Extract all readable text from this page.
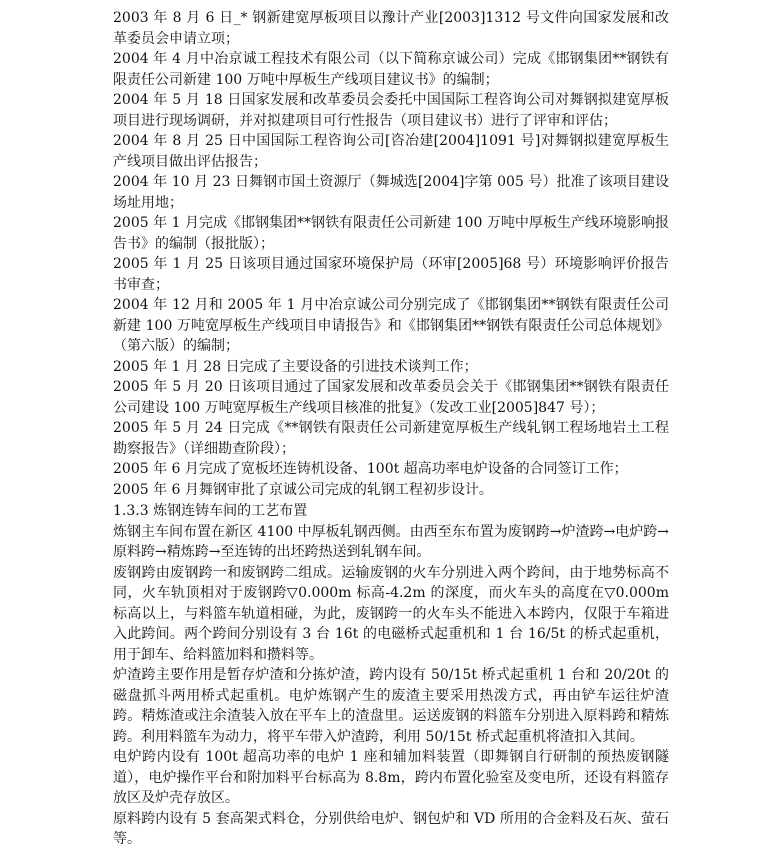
2003 年 8 月 6 日_* 钢新建宽厚板项目以豫计产业[2003]1312 号文件向国家发展和改革委员会申请立项；

2004 年 4 月中冶京诚工程技术有限公司（以下简称京诚公司）完成《邯钢集团**钢铁有限责任公司新建 100 万吨中厚板生产线项目建议书》的编制；

2004 年 5 月 18 日国家发展和改革委员会委托中国国际工程咨询公司对舞钢拟建宽厚板项目进行现场调研，并对拟建项目可行性报告（项目建议书）进行了评审和评估；

2004 年 8 月 25 日中国国际工程咨询公司[咨冶建[2004]1091 号]对舞钢拟建宽厚板生产线项目做出评估报告；

2004 年 10 月 23 日舞钢市国土资源厅（舞城选[2004]字第 005 号）批准了该项目建设场址用地；

2005 年 1 月完成《邯钢集团**钢铁有限责任公司新建 100 万吨中厚板生产线环境影响报告书》的编制（报批版）；

2005 年 1 月 25 日该项目通过国家环境保护局（环审[2005]68 号）环境影响评价报告书审查；

2004 年 12 月和 2005 年 1 月中冶京诚公司分别完成了《邯钢集团**钢铁有限责任公司新建 100 万吨宽厚板生产线项目申请报告》和《邯钢集团**钢铁有限责任公司总体规划》（第六版）的编制；

2005 年 1 月 28 日完成了主要设备的引进技术谈判工作；

2005 年 5 月 20 日该项目通过了国家发展和改革委员会关于《邯钢集团**钢铁有限责任公司建设 100 万吨宽厚板生产线项目核准的批复》（发改工业[2005]847 号）；

2005 年 5 月 24 日完成《**钢铁有限责任公司新建宽厚板生产线轧钢工程场地岩土工程勘察报告》（详细勘查阶段）；

2005 年 6 月完成了宽板坯连铸机设备、100t 超高功率电炉设备的合同签订工作；

2005 年 6 月舞钢审批了京诚公司完成的轧钢工程初步设计。

1.3.3 炼钢连铸车间的工艺布置

炼钢主车间布置在新区 4100 中厚板轧钢西侧。由西至东布置为废钢跨→炉渣跨→电炉跨→原料跨→精炼跨→至连铸的出坯跨热送到轧钢车间。

废钢跨由废钢跨一和废钢跨二组成。运输废钢的火车分别进入两个跨间，由于地势标高不同，火车轨顶相对于废钢跨▽0.000m 标高-4.2m 的深度，而火车头的高度在▽0.000m 标高以上，与料篮车轨道相碰，为此，废钢跨一的火车头不能进入本跨内，仅限于车箱进入此跨间。两个跨间分别设有 3 台 16t 的电磁桥式起重机和 1 台 16/5t 的桥式起重机，用于卸车、给料篮加料和攒料等。

炉渣跨主要作用是暂存炉渣和分拣炉渣，跨内设有 50/15t 桥式起重机 1 台和 20/20t 的磁盘抓斗两用桥式起重机。电炉炼钢产生的废渣主要采用热泼方式，再由铲车运往炉渣跨。精炼渣或注余渣装入放在平车上的渣盘里。运送废钢的料篮车分别进入原料跨和精炼跨。利用料篮车为动力，将平车带入炉渣跨，利用 50/15t 桥式起重机将渣扣入其间。

电炉跨内设有 100t 超高功率的电炉 1 座和辅加料装置（即舞钢自行研制的预热废钢隧道），电炉操作平台和附加料平台标高为 8.8m，跨内布置化验室及变电所，还设有料篮存放区及炉壳存放区。

原料跨内设有 5 套高架式料仓，分别供给电炉、钢包炉和 VD 所用的合金料及石灰、萤石等。
